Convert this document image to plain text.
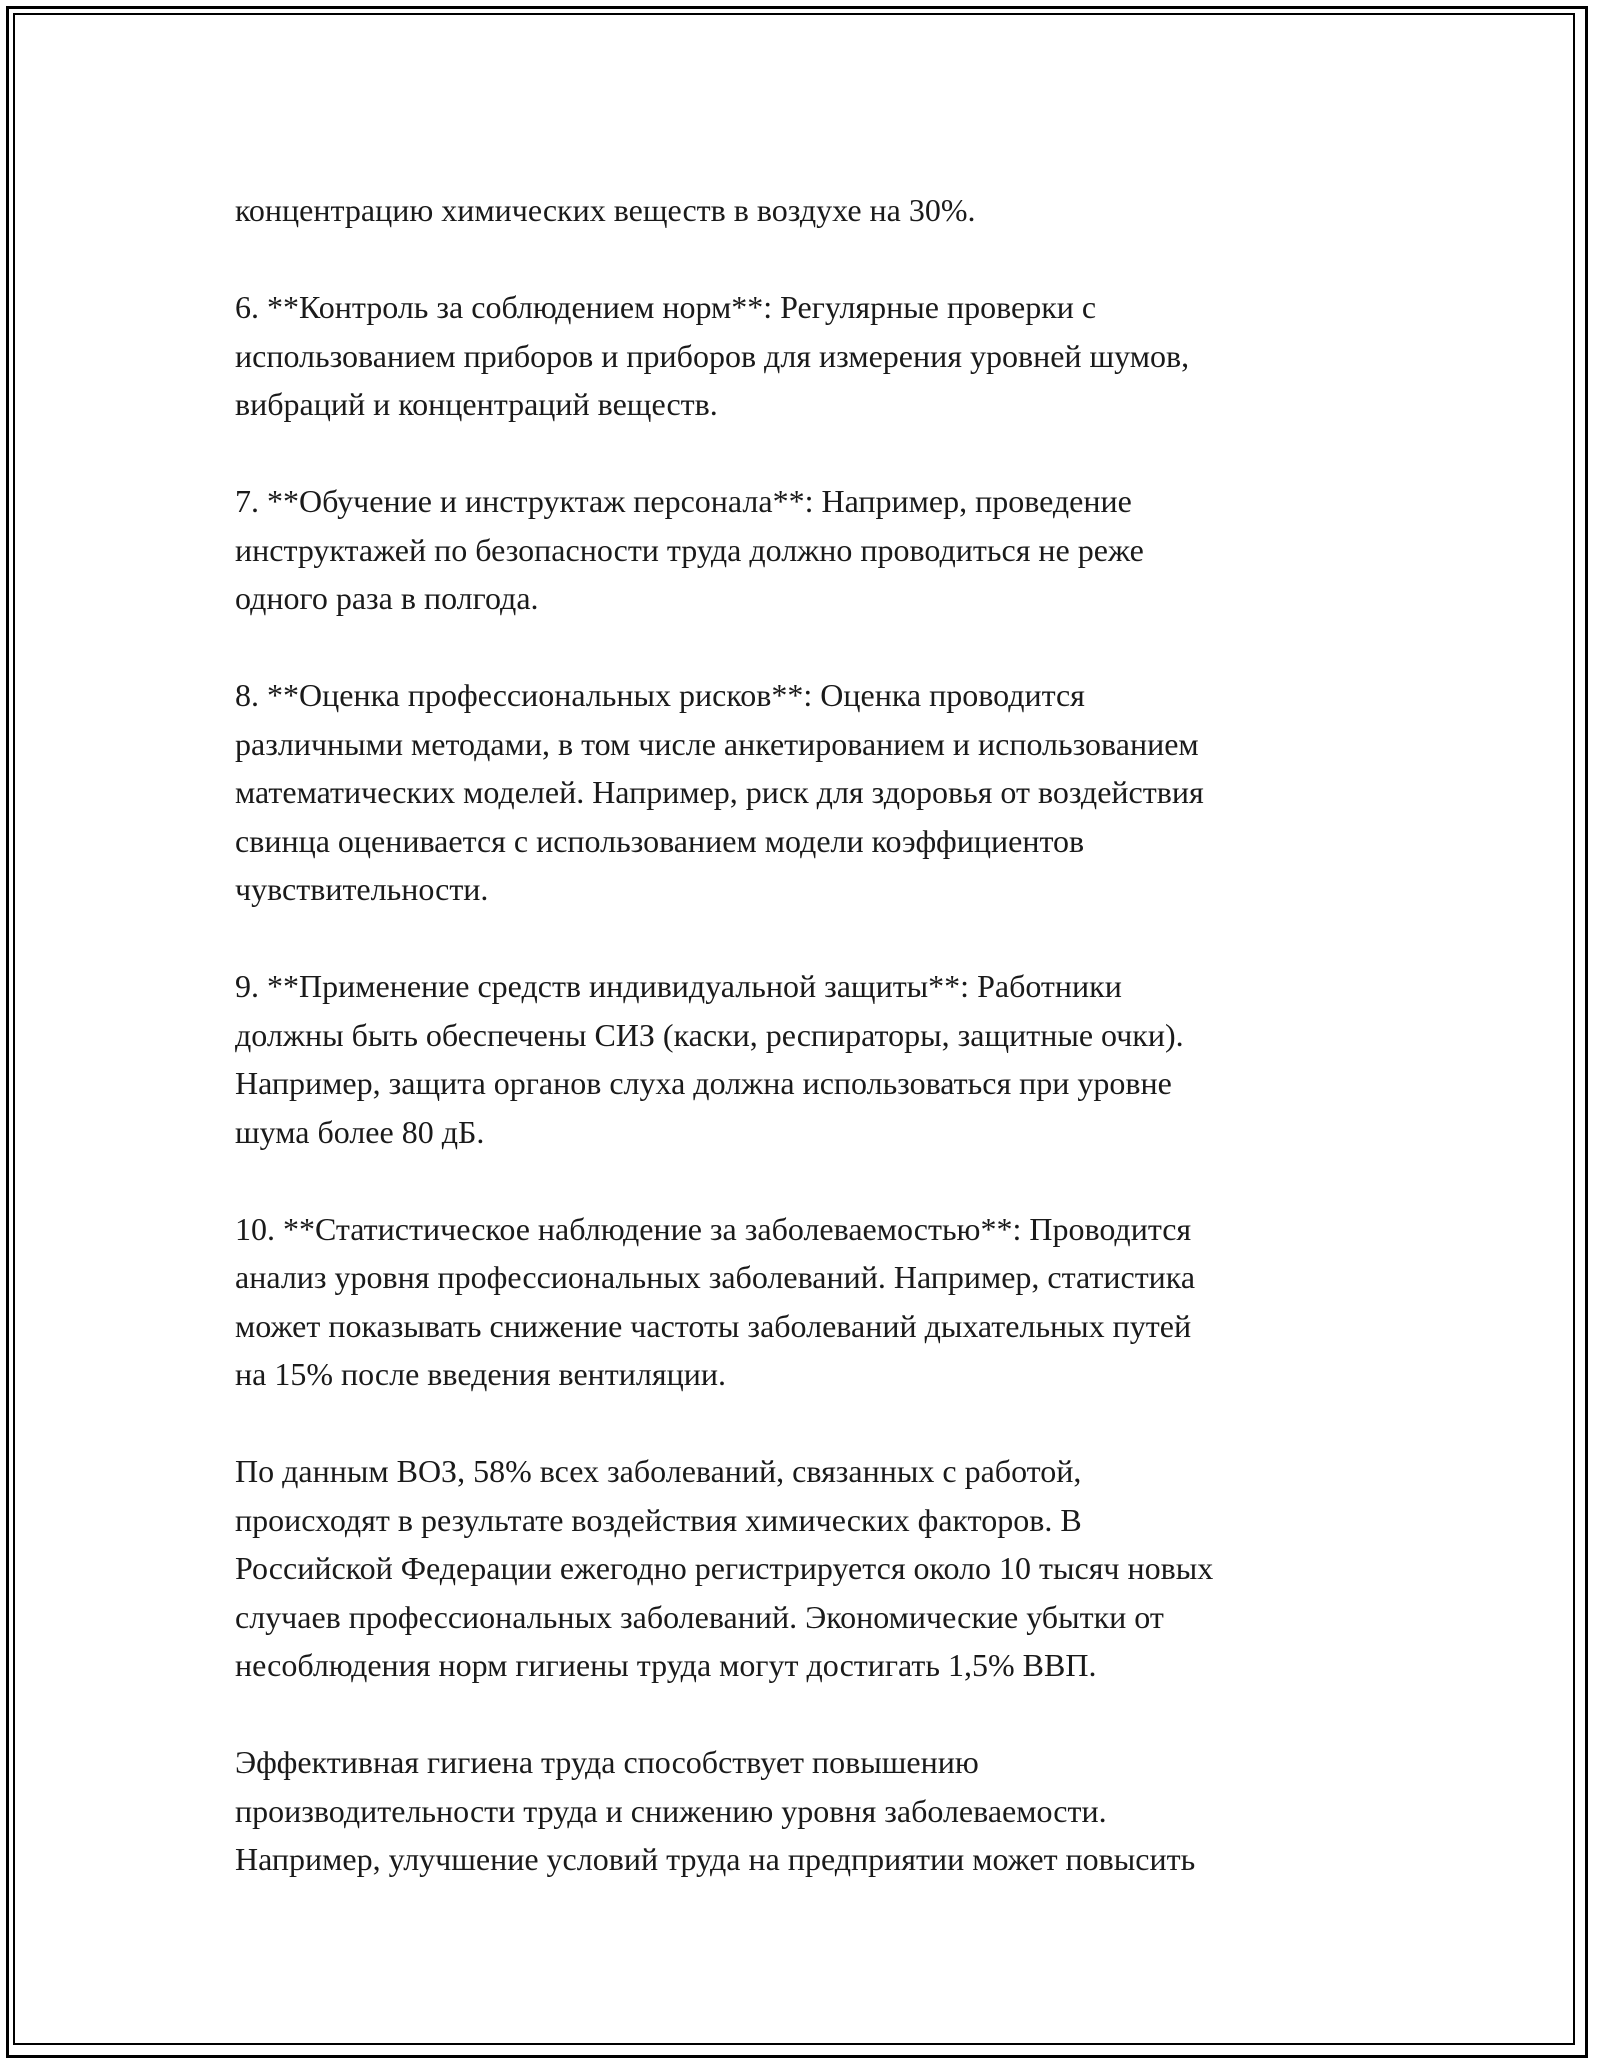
концентрацию химических веществ в воздухе на 30%.

6. **Контроль за соблюдением норм**: Регулярные проверки с
использованием приборов и приборов для измерения уровней шумов,
вибраций и концентраций веществ.

7. **Обучение и инструктаж персонала**: Например, проведение
инструктажей по безопасности труда должно проводиться не реже
одного раза в полгода.

8. **Оценка профессиональных рисков**: Оценка проводится
различными методами, в том числе анкетированием и использованием
математических моделей. Например, риск для здоровья от воздействия
свинца оценивается с использованием модели коэффициентов
чувствительности.

9. **Применение средств индивидуальной защиты**: Работники
должны быть обеспечены СИЗ (каски, респираторы, защитные очки).
Например, защита органов слуха должна использоваться при уровне
шума более 80 дБ.

10. **Статистическое наблюдение за заболеваемостью**: Проводится
анализ уровня профессиональных заболеваний. Например, статистика
может показывать снижение частоты заболеваний дыхательных путей
на 15% после введения вентиляции.

По данным ВОЗ, 58% всех заболеваний, связанных с работой,
происходят в результате воздействия химических факторов. В
Российской Федерации ежегодно регистрируется около 10 тысяч новых
случаев профессиональных заболеваний. Экономические убытки от
несоблюдения норм гигиены труда могут достигать 1,5% ВВП.

Эффективная гигиена труда способствует повышению
производительности труда и снижению уровня заболеваемости.
Например, улучшение условий труда на предприятии может повысить
